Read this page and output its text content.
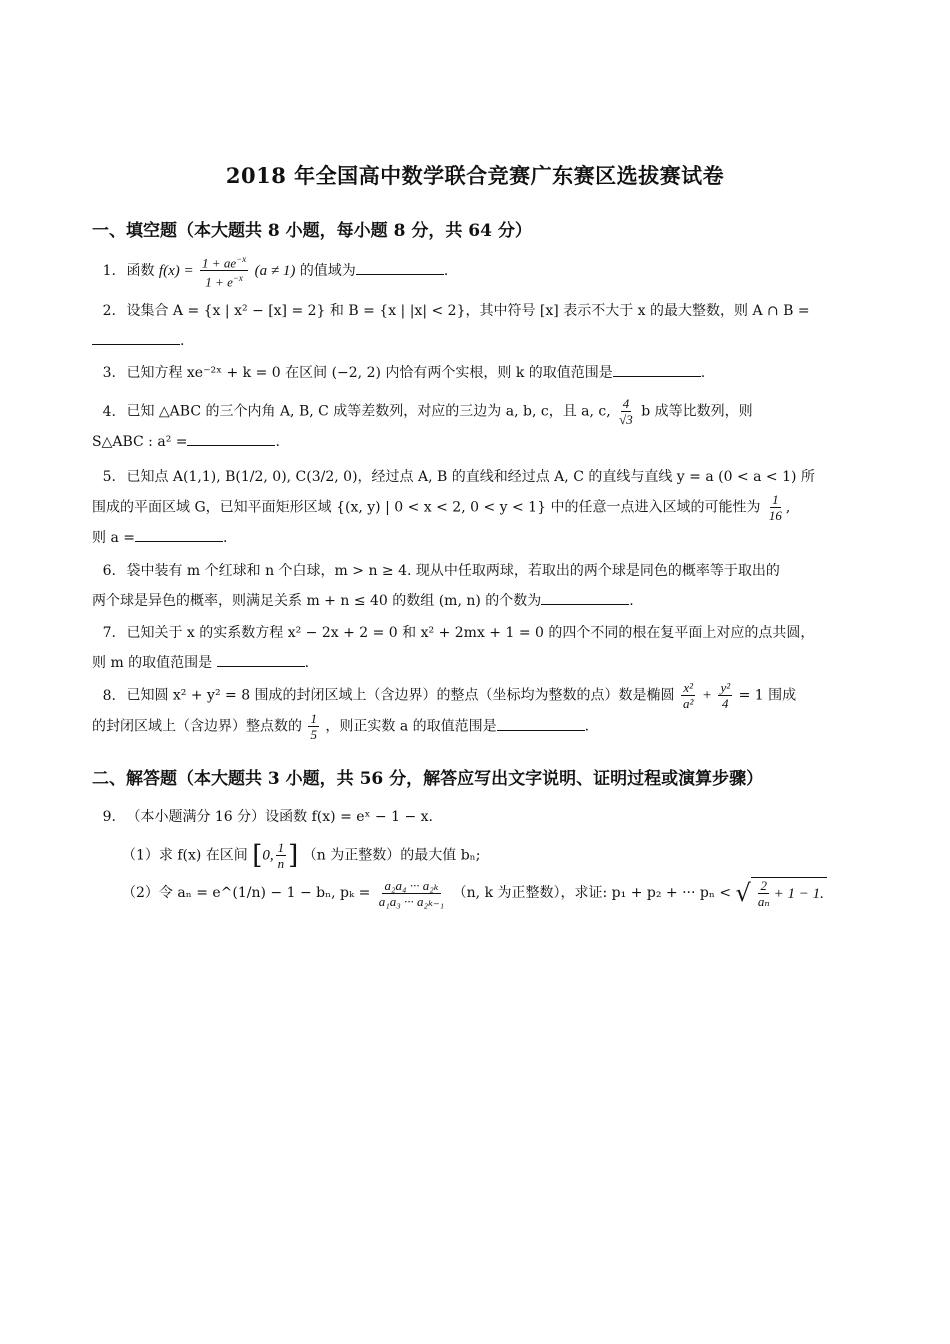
2018 年全国高中数学联合竞赛广东赛区选拔赛试卷
一、填空题（本大题共 8 小题，每小题 8 分，共 64 分）
1. 函数 $f(x) = \frac{1 + ae^{-x}}{1 + e^{-x}} (a \ne 1)$ 的值域为	.
2. 设集合 A = {x | x² − [x] = 2} 和 B = {x | |x| < 2}，其中符号 [x] 表示不大于 x 的最大整数，则 A ∩ B =
.
3. 已知方程 xe⁻²ˣ + k = 0 在区间 (−2, 2) 内恰有两个实根，则 k 的取值范围是	.
4. 已知 △ABC 的三个内角 A, B, C 成等差数列，对应的三边为 a, b, c，且 a, c, $\frac{4}{√3}$ b 成等比数列，则
S△ABC : a² =	.
5. 已知点 A(1,1), B(1/2, 0), C(3/2, 0)，经过点 A, B 的直线和经过点 A, C 的直线与直线 y = a (0 < a < 1) 所
围成的平面区域 G，已知平面矩形区域 {(x, y) | 0 < x < 2, 0 < y < 1} 中的任意一点进入区域的可能性为 $\frac{1}{16}$ ,
则 a =	.
6. 袋中装有 m 个红球和 n 个白球，m > n ≥ 4. 现从中任取两球，若取出的两个球是同色的概率等于取出的
两个球是异色的概率，则满足关系 m + n ≤ 40 的数组 (m, n) 的个数为	.
7. 已知关于 x 的实系数方程 x² − 2x + 2 = 0 和 x² + 2mx + 1 = 0 的四个不同的根在复平面上对应的点共圆，
则 m 的取值范围是	.
8. 已知圆 x² + y² = 8 围成的封闭区域上（含边界）的整点（坐标均为整数的点）数是椭圆 $\frac{\text{x²}}{\text{a²}} + \frac{\text{y²}}{4} = 1$ 围成
的封闭区域上（含边界）整点数的 $\frac{1}{5}$ ，则正实数 a 的取值范围是	.
二、解答题（本大题共 3 小题，共 56 分，解答应写出文字说明、证明过程或演算步骤）
9. （本小题满分 16 分）设函数 f(x) = eˣ − 1 − x.
（1）求 f(x) 在区间 [0, $\frac{1}{n}$ ] （n 为正整数）的最大值 bₙ;
（2）令 aₙ = e^(1/n) − 1 − bₙ, $p_k = \frac{\text{a₂a₄ ··· a₂ₖ}}{\text{a₁a₃ ··· a₂ₖ₋₁}} (n$, k 为正整数），求证: p₁ + p₂ + ··· pₙ < √ $\frac{2}{\text{aₙ}} + 1 - 1$.
